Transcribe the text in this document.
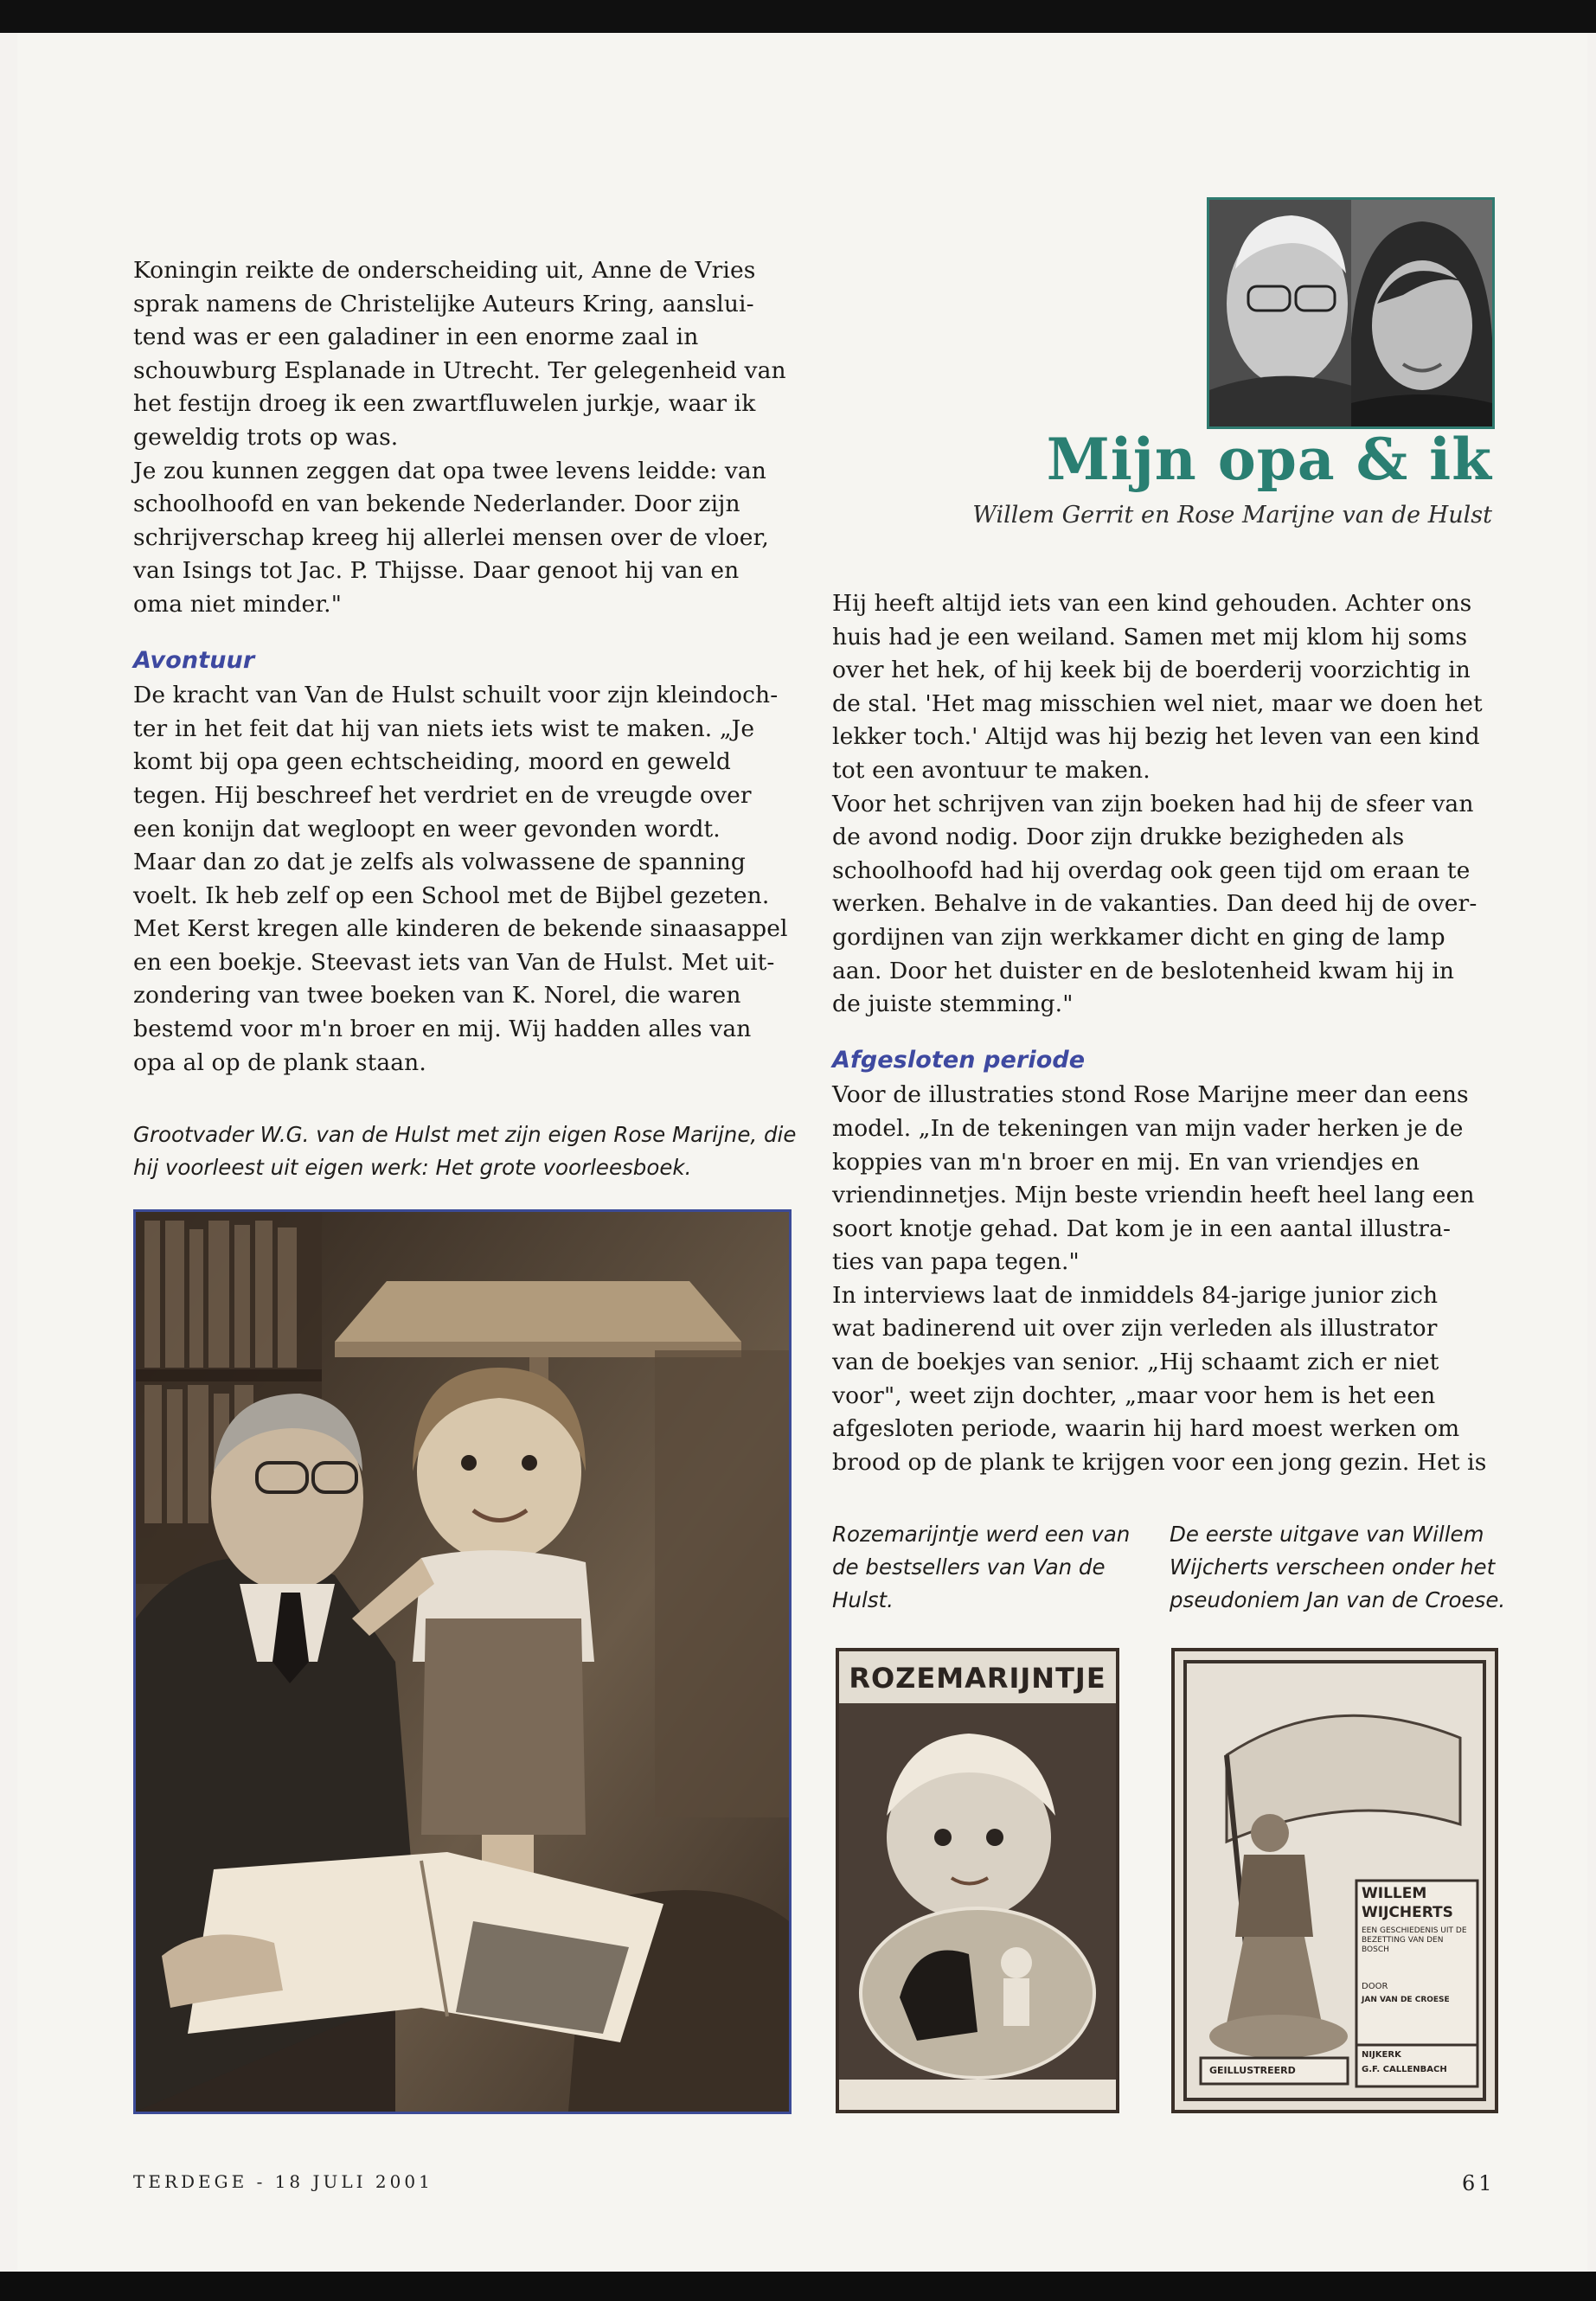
Koningin reikte de onderscheiding uit, Anne de Vries
sprak namens de Christelijke Auteurs Kring, aanslui-
tend was er een galadiner in een enorme zaal in
schouwburg Esplanade in Utrecht. Ter gelegenheid van
het festijn droeg ik een zwartfluwelen jurkje, waar ik
geweldig trots op was.

Je zou kunnen zeggen dat opa twee levens leidde: van
schoolhoofd en van bekende Nederlander. Door zijn
schrijverschap kreeg hij allerlei mensen over de vloer,
van Isings tot Jac. P. Thijsse. Daar genoot hij van en
oma niet minder."

Avontuur

De kracht van Van de Hulst schuilt voor zijn kleindoch-
ter in het feit dat hij van niets iets wist te maken. „Je
komt bij opa geen echtscheiding, moord en geweld
tegen. Hij beschreef het verdriet en de vreugde over
een konijn dat wegloopt en weer gevonden wordt.
Maar dan zo dat je zelfs als volwassene de spanning
voelt. Ik heb zelf op een School met de Bijbel gezeten.
Met Kerst kregen alle kinderen de bekende sinaasappel
en een boekje. Steevast iets van Van de Hulst. Met uit-
zondering van twee boeken van K. Norel, die waren
bestemd voor m'n broer en mij. Wij hadden alles van
opa al op de plank staan.

Grootvader W.G. van de Hulst met zijn eigen Rose Marijne, die
hij voorleest uit eigen werk: Het grote voorleesboek.
Mijn opa & ik
Willem Gerrit en Rose Marijne van de Hulst

Hij heeft altijd iets van een kind gehouden. Achter ons
huis had je een weiland. Samen met mij klom hij soms
over het hek, of hij keek bij de boerderij voorzichtig in
de stal. 'Het mag misschien wel niet, maar we doen het
lekker toch.' Altijd was hij bezig het leven van een kind
tot een avontuur te maken.

Voor het schrijven van zijn boeken had hij de sfeer van
de avond nodig. Door zijn drukke bezigheden als
schoolhoofd had hij overdag ook geen tijd om eraan te
werken. Behalve in de vakanties. Dan deed hij de over-
gordijnen van zijn werkkamer dicht en ging de lamp
aan. Door het duister en de beslotenheid kwam hij in
de juiste stemming."

Afgesloten periode

Voor de illustraties stond Rose Marijne meer dan eens
model. „In de tekeningen van mijn vader herken je de
koppies van m'n broer en mij. En van vriendjes en
vriendinnetjes. Mijn beste vriendin heeft heel lang een
soort knotje gehad. Dat kom je in een aantal illustra-
ties van papa tegen."

In interviews laat de inmiddels 84-jarige junior zich
wat badinerend uit over zijn verleden als illustrator
van de boekjes van senior. „Hij schaamt zich er niet
voor", weet zijn dochter, „maar voor hem is het een
afgesloten periode, waarin hij hard moest werken om
brood op de plank te krijgen voor een jong gezin. Het is

Rozemarijntje werd een van
de bestsellers van Van de
Hulst.
De eerste uitgave van Willem
Wijcherts verscheen onder het
pseudoniem Jan van de Croese.
ROZEMARIJNTJE
WILLEM
WIJCHERTS
EEN GESCHIEDENIS UIT DE BEZETTING VAN DEN BOSCH
DOOR
JAN VAN DE CROESE
NIJKERK
G.F. CALLENBACH
GEILLUSTREERD
TERDEGE - 18 JULI 2001	61
